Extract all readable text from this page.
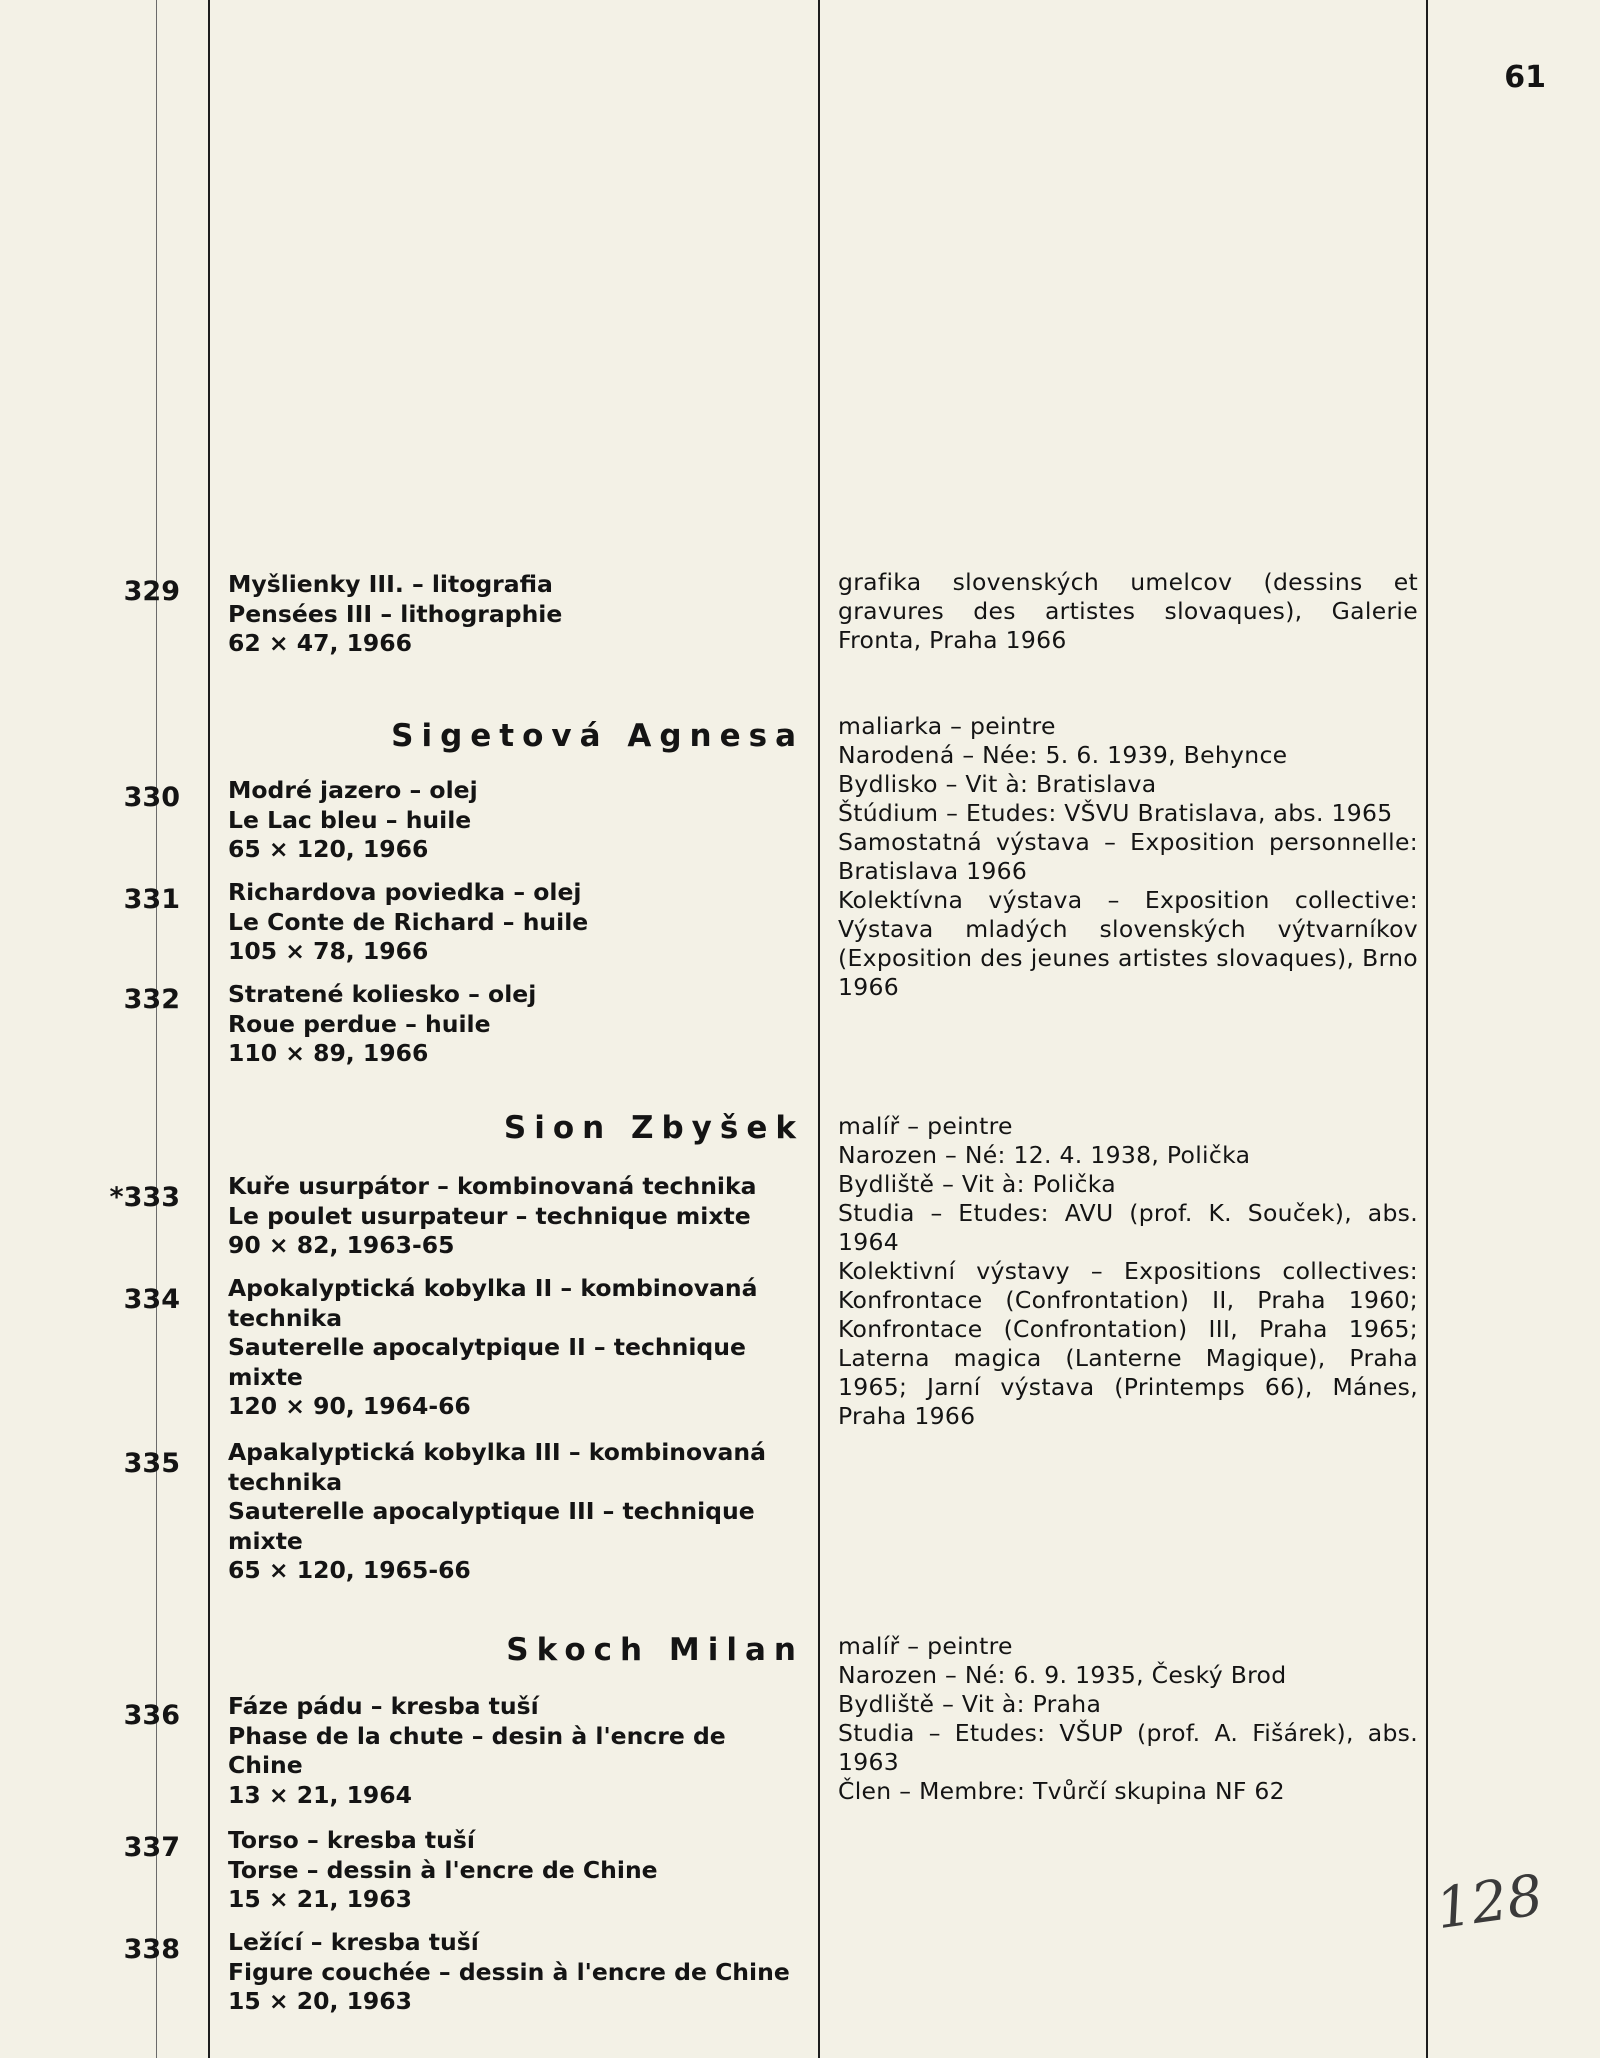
61
329 Myšlienky III. – litografia
Pensées III – lithographie
62 × 47, 1966
grafika slovenských umelcov (dessins et gravures des artistes slovaques), Galerie Fronta, Praha 1966
Sigetová Agnesa maliarka – peintre
Narodená – Née: 5. 6. 1939, Behynce
Bydlisko – Vit à: Bratislava
Štúdium – Etudes: VŠVU Bratislava, abs. 1965
Samostatná výstava – Exposition personnelle: Bratislava 1966
Kolektívna výstava – Exposition collective: Výstava mladých slovenských výtvarníkov (Exposition des jeunes artistes slovaques), Brno 1966
330 Modré jazero – olej
Le Lac bleu – huile
65 × 120, 1966
331 Richardova poviedka – olej
Le Conte de Richard – huile
105 × 78, 1966
332 Stratené koliesko – olej
Roue perdue – huile
110 × 89, 1966
Sion Zbyšek malíř – peintre
Narozen – Né: 12. 4. 1938, Polička
Bydliště – Vit à: Polička
Studia – Etudes: AVU (prof. K. Souček), abs. 1964
Kolektivní výstavy – Expositions collectives: Konfrontace (Confrontation) II, Praha 1960; Konfrontace (Confrontation) III, Praha 1965; Laterna magica (Lanterne Magique), Praha 1965; Jarní výstava (Printemps 66), Mánes, Praha 1966
*333 Kuře usurpátor – kombinovaná technika
Le poulet usurpateur – technique mixte
90 × 82, 1963-65
334 Apokalyptická kobylka II – kombinovaná technika
Sauterelle apocalytpique II – technique mixte
120 × 90, 1964-66
335 Apakalyptická kobylka III – kombinovaná technika
Sauterelle apocalyptique III – technique mixte
65 × 120, 1965-66
Skoch Milan malíř – peintre
Narozen – Né: 6. 9. 1935, Český Brod
Bydliště – Vit à: Praha
Studia – Etudes: VŠUP (prof. A. Fišárek), abs. 1963
Člen – Membre: Tvůrčí skupina NF 62
336 Fáze pádu – kresba tuší
Phase de la chute – desin à l'encre de Chine
13 × 21, 1964
337 Torso – kresba tuší
Torse – dessin à l'encre de Chine
15 × 21, 1963
338 Ležící – kresba tuší
Figure couchée – dessin à l'encre de Chine
15 × 20, 1963
128
